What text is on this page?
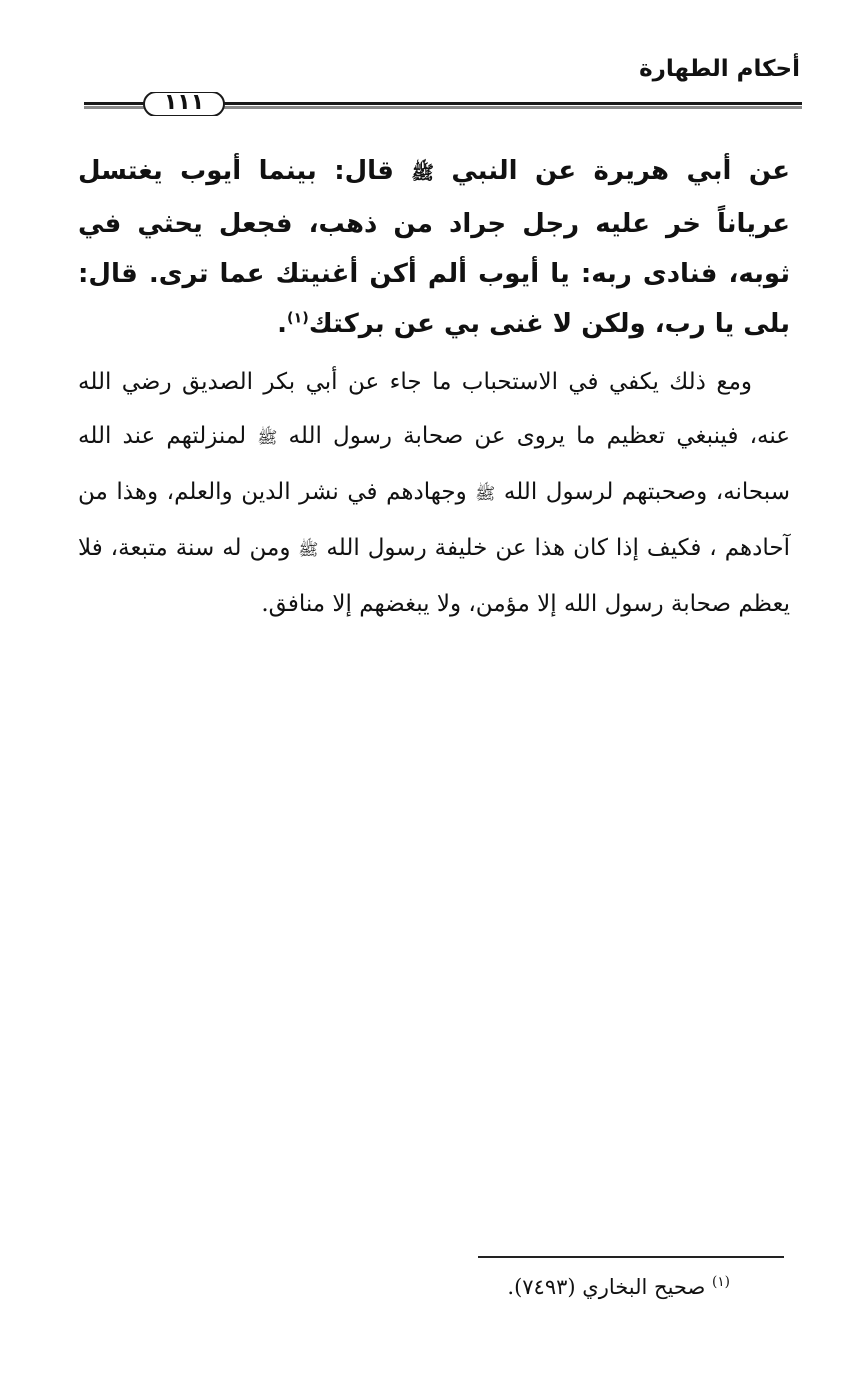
أحكام الطهارة
١١١

عن أبي هريرة عن النبي ﷺ قال: بينما أيوب يغتسل عرياناً خر عليه رجل جراد من ذهب، فجعل يحثي في ثوبه، فنادى ربه: يا أيوب ألم أكن أغنيتك عما ترى. قال: بلى يا رب، ولكن لا غنى بي عن بركتك$^{(١)}$.

ومع ذلك يكفي في الاستحباب ما جاء عن أبي بكر الصديق رضي الله عنه، فينبغي تعظيم ما يروى عن صحابة رسول الله ﷺ لمنزلتهم عند الله سبحانه، وصحبتهم لرسول الله ﷺ وجهادهم في نشر الدين والعلم، وهذا من آحادهم ، فكيف إذا كان هذا عن خليفة رسول الله ﷺ ومن له سنة متبعة، فلا يعظم صحابة رسول الله إلا مؤمن، ولا يبغضهم إلا منافق.

$^{(١)}$ صحيح البخاري (٧٤٩٣).
